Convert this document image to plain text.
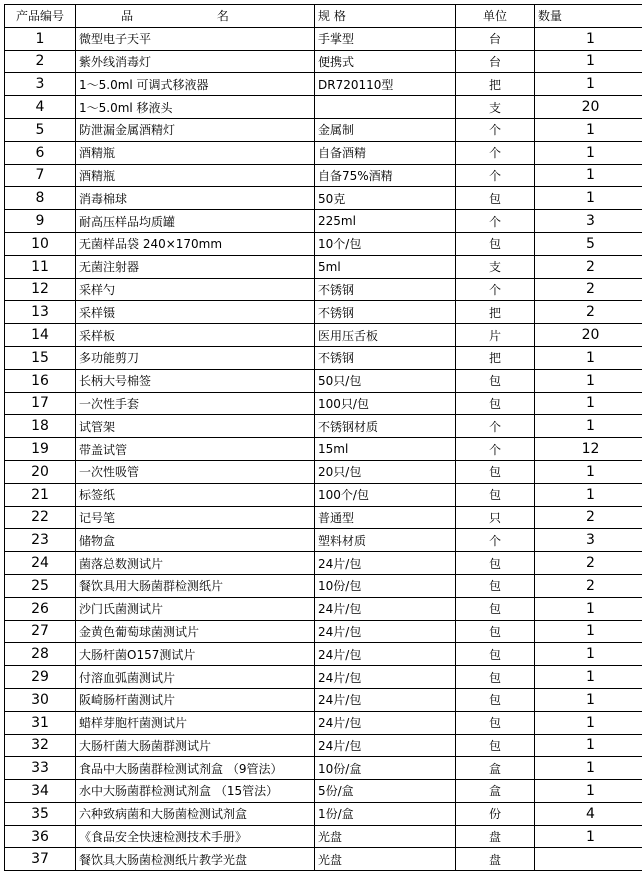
产品编号	品 名	规 格	单位	数量
1	微型电子天平	手掌型	台	1
2	紫外线消毒灯	便携式	台	1
3	1～5.0ml 可调式移液器	DR720110型	把	1
4	1～5.0ml 移液头		支	20
5	防泄漏金属酒精灯	金属制	个	1
6	酒精瓶	自备酒精	个	1
7	酒精瓶	自备75%酒精	个	1
8	消毒棉球	50克	包	1
9	耐高压样品均质罐	225ml	个	3
10	无菌样品袋 240×170mm	10个/包	包	5
11	无菌注射器	5ml	支	2
12	采样勺	不锈钢	个	2
13	采样镊	不锈钢	把	2
14	采样板	医用压舌板	片	20
15	多功能剪刀	不锈钢	把	1
16	长柄大号棉签	50只/包	包	1
17	一次性手套	100只/包	包	1
18	试管架	不锈钢材质	个	1
19	带盖试管	15ml	个	12
20	一次性吸管	20只/包	包	1
21	标签纸	100个/包	包	1
22	记号笔	普通型	只	2
23	储物盒	塑料材质	个	3
24	菌落总数测试片	24片/包	包	2
25	餐饮具用大肠菌群检测纸片	10份/包	包	2
26	沙门氏菌测试片	24片/包	包	1
27	金黄色葡萄球菌测试片	24片/包	包	1
28	大肠杆菌O157测试片	24片/包	包	1
29	付溶血弧菌测试片	24片/包	包	1
30	阪崎肠杆菌测试片	24片/包	包	1
31	蜡样芽胞杆菌测试片	24片/包	包	1
32	大肠杆菌大肠菌群测试片	24片/包	包	1
33	食品中大肠菌群检测试剂盒 （9管法）	10份/盒	盒	1
34	水中大肠菌群检测试剂盒 （15管法）	5份/盒	盒	1
35	六种致病菌和大肠菌检测试剂盒	1份/盒	份	4
36	《食品安全快速检测技术手册》	光盘	盘	1
37	餐饮具大肠菌检测纸片教学光盘	光盘	盘	
